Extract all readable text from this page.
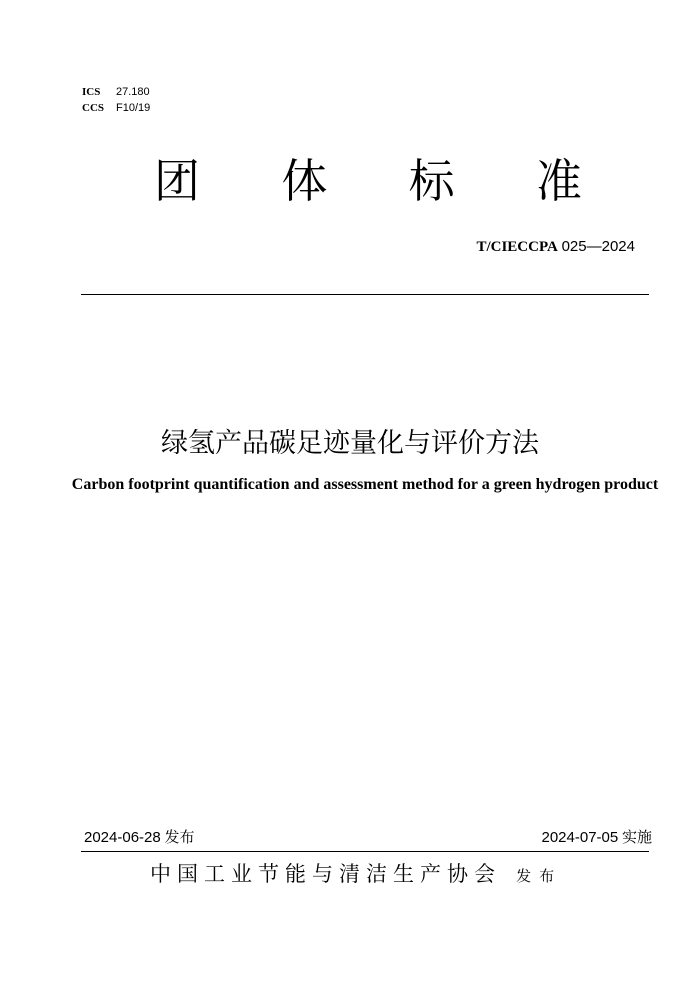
ICS	27.180
CCS	F10/19
团 体 标 准
T/CIECCPA 025—2024
绿氢产品碳足迹量化与评价方法
Carbon footprint quantification and assessment method for a green hydrogen product
2024-06-28 发布	2024-07-05 实施
中国工业节能与清洁生产协会 发布
